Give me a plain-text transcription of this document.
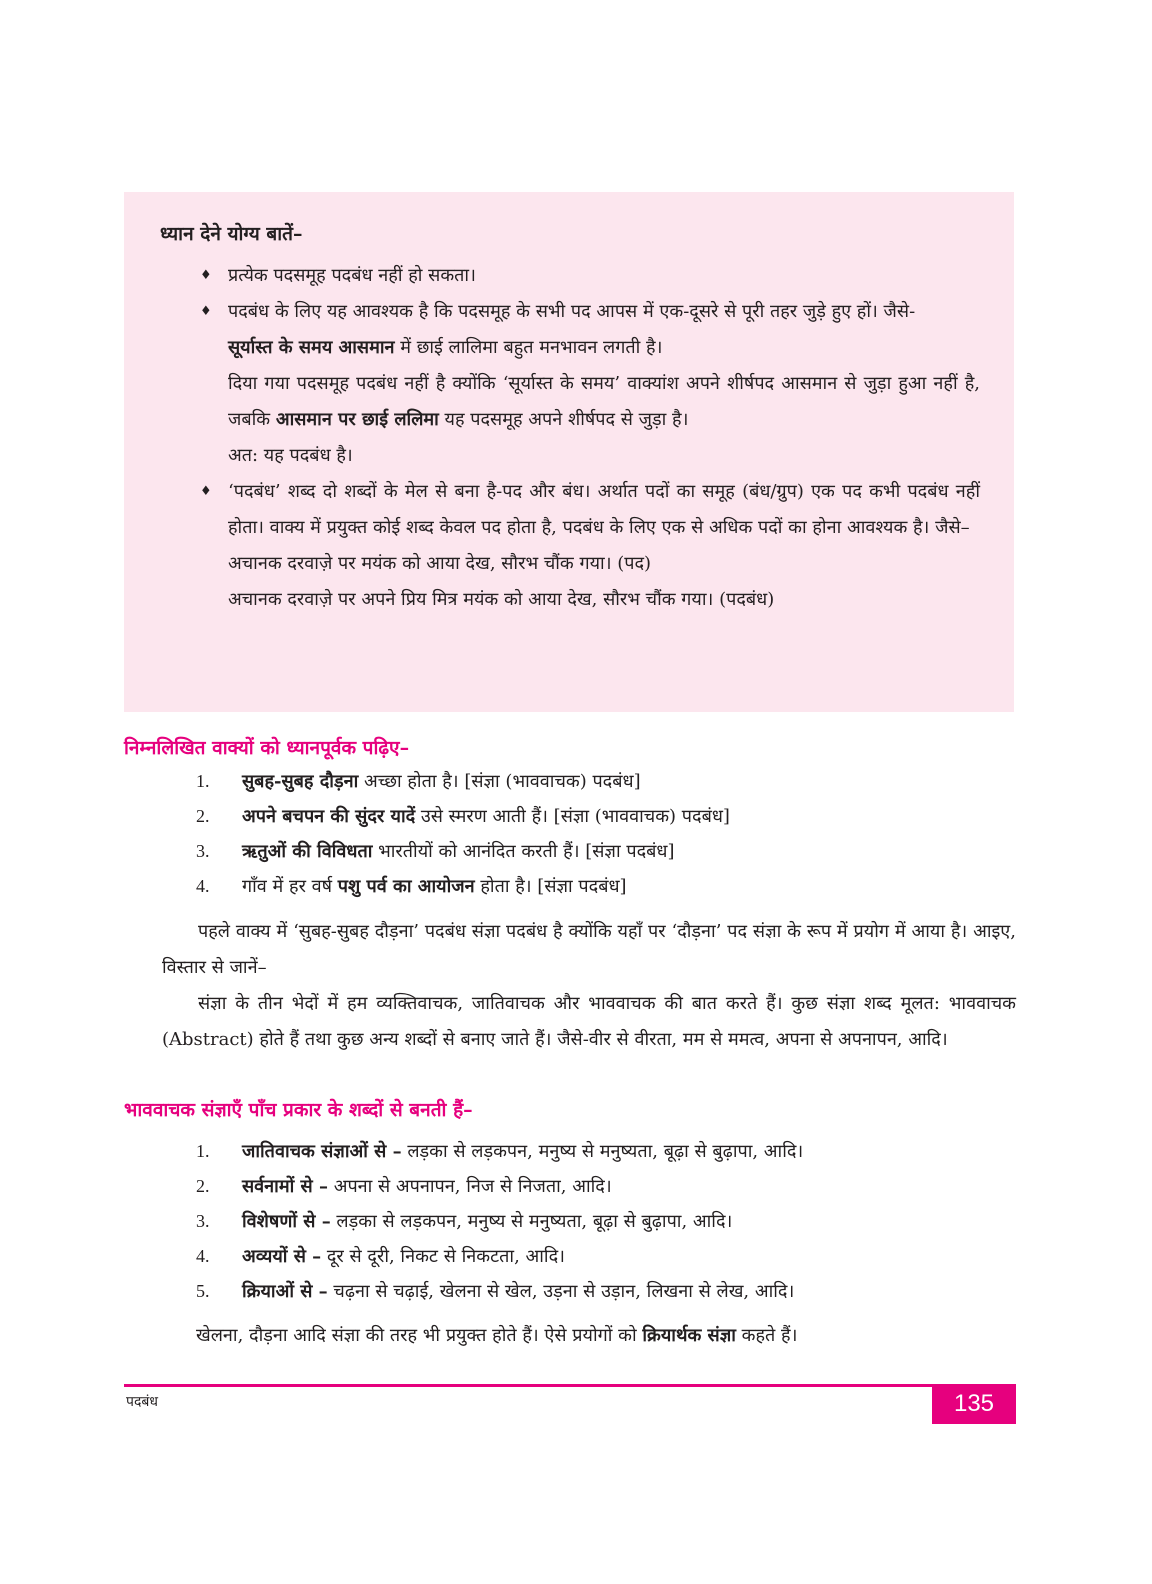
ध्यान देने योग्य बातें–

♦ प्रत्येक पदसमूह पदबंध नहीं हो सकता।

♦ पदबंध के लिए यह आवश्यक है कि पदसमूह के सभी पद आपस में एक-दूसरे से पूरी तहर जुड़े हुए हों। जैसे-

सूर्यास्त के समय आसमान में छाई लालिमा बहुत मनभावन लगती है।

दिया गया पदसमूह पदबंध नहीं है क्योंकि ‘सूर्यास्त के समय’ वाक्यांश अपने शीर्षपद आसमान से जुड़ा हुआ नहीं है, जबकि आसमान पर छाई ललिमा यह पदसमूह अपने शीर्षपद से जुड़ा है।

अत: यह पदबंध है।

♦ ‘पदबंध’ शब्द दो शब्दों के मेल से बना है-पद और बंध। अर्थात पदों का समूह (बंध/ग्रुप) एक पद कभी पदबंध नहीं होता। वाक्य में प्रयुक्त कोई शब्द केवल पद होता है, पदबंध के लिए एक से अधिक पदों का होना आवश्यक है। जैसे–

अचानक दरवाज़े पर मयंक को आया देख, सौरभ चौंक गया। (पद)

अचानक दरवाज़े पर अपने प्रिय मित्र मयंक को आया देख, सौरभ चौंक गया। (पदबंध)

निम्नलिखित वाक्यों को ध्यानपूर्वक पढ़िए–

1.	सुबह-सुबह दौड़ना अच्छा होता है। [संज्ञा (भाववाचक) पदबंध]
2.	अपने बचपन की सुंदर यादें उसे स्मरण आती हैं। [संज्ञा (भाववाचक) पदबंध]
3.	ऋतुओं की विविधता भारतीयों को आनंदित करती हैं। [संज्ञा पदबंध]
4.	गाँव में हर वर्ष पशु पर्व का आयोजन होता है। [संज्ञा पदबंध]

पहले वाक्य में ‘सुबह-सुबह दौड़ना’ पदबंध संज्ञा पदबंध है क्योंकि यहाँ पर ‘दौड़ना’ पद संज्ञा के रूप में प्रयोग में आया है। आइए, विस्तार से जानें–

संज्ञा के तीन भेदों में हम व्यक्तिवाचक, जातिवाचक और भाववाचक की बात करते हैं। कुछ संज्ञा शब्द मूलत: भाववाचक (Abstract) होते हैं तथा कुछ अन्य शब्दों से बनाए जाते हैं। जैसे-वीर से वीरता, मम से ममत्व, अपना से अपनापन, आदि।

भाववाचक संज्ञाएँ पाँच प्रकार के शब्दों से बनती हैं–

1.	जातिवाचक संज्ञाओं से – लड़का से लड़कपन, मनुष्य से मनुष्यता, बूढ़ा से बुढ़ापा, आदि।
2.	सर्वनामों से – अपना से अपनापन, निज से निजता, आदि।
3.	विशेषणों से – लड़का से लड़कपन, मनुष्य से मनुष्यता, बूढ़ा से बुढ़ापा, आदि।
4.	अव्ययों से – दूर से दूरी, निकट से निकटता, आदि।
5.	क्रियाओं से – चढ़ना से चढ़ाई, खेलना से खेल, उड़ना से उड़ान, लिखना से लेख, आदि।

खेलना, दौड़ना आदि संज्ञा की तरह भी प्रयुक्त होते हैं। ऐसे प्रयोगों को क्रियार्थक संज्ञा कहते हैं।

पदबंध	135
